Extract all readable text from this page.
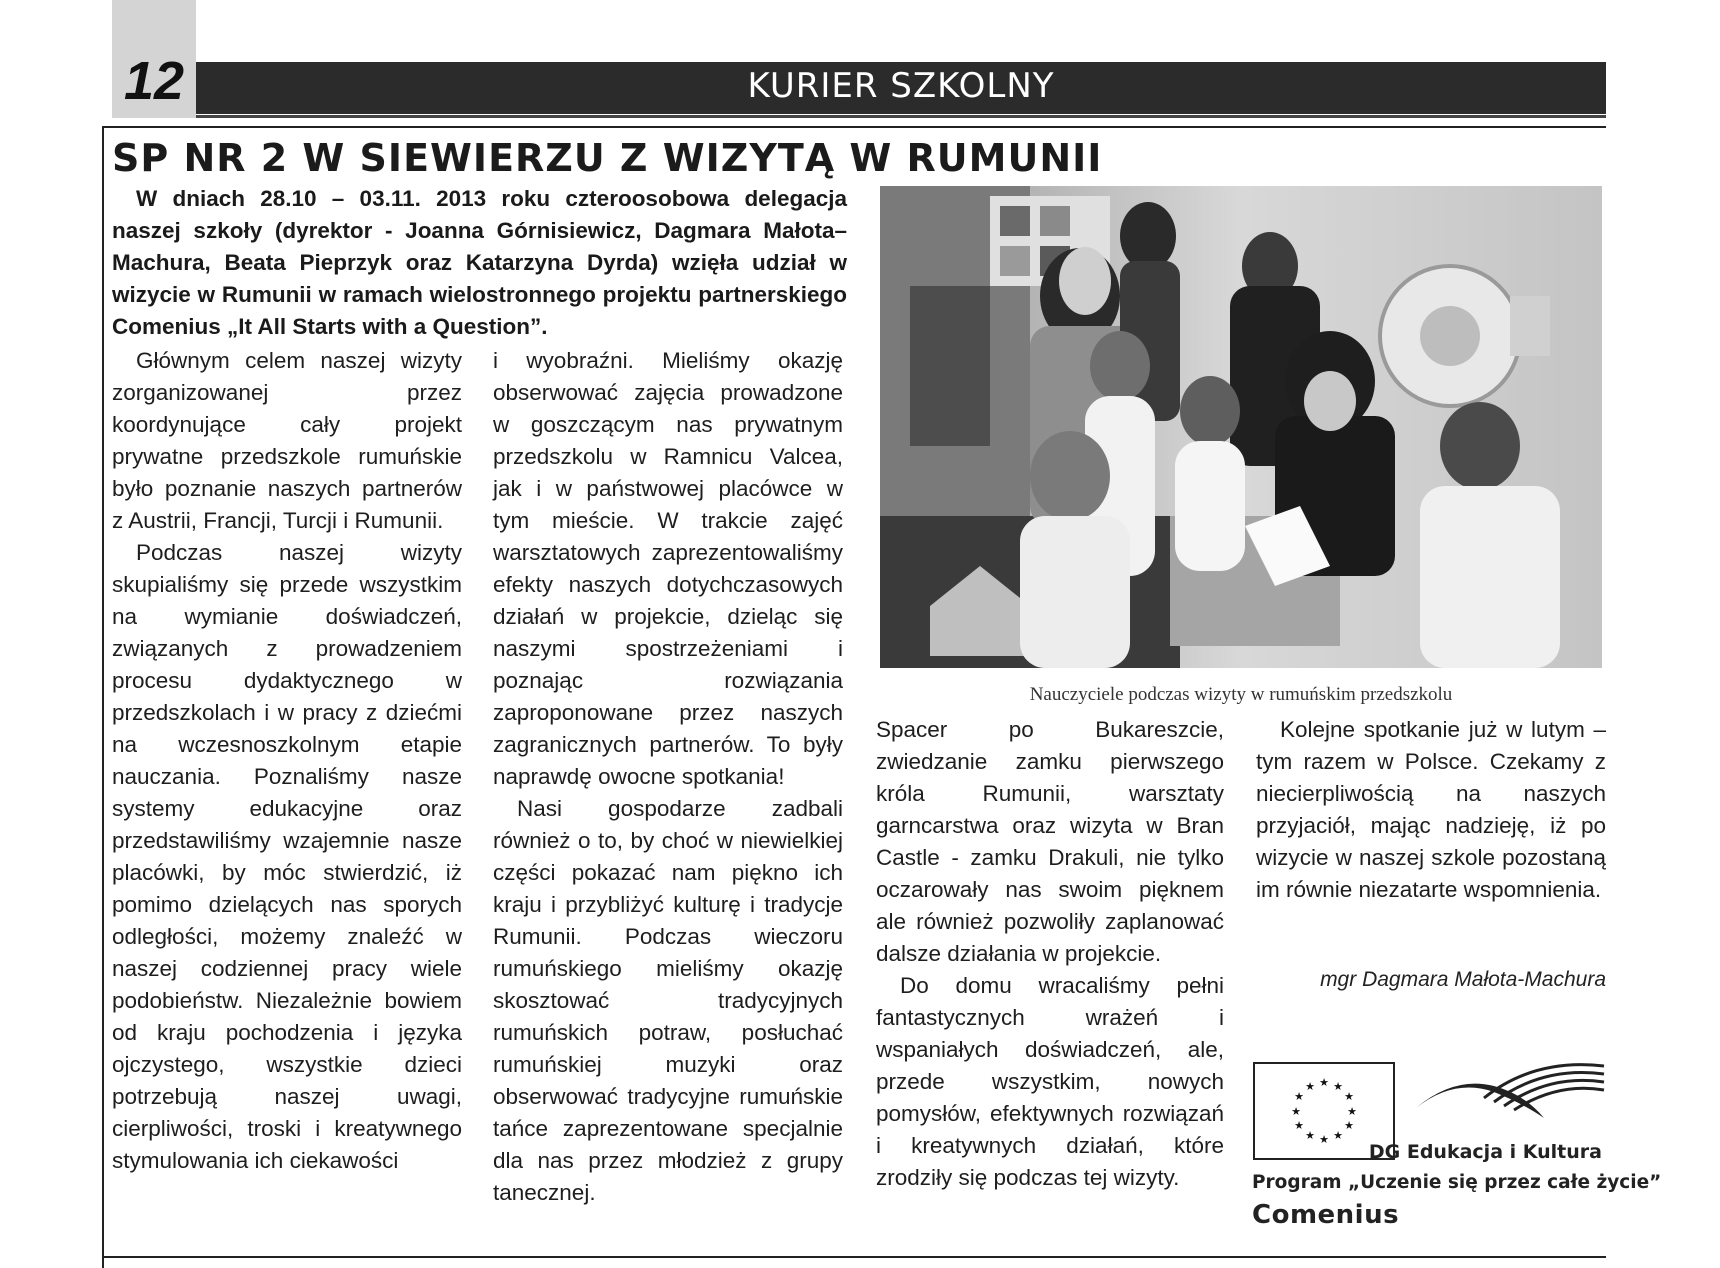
12	KURIER SZKOLNY
SP NR 2 W SIEWIERZU Z WIZYTĄ W RUMUNII
W dniach 28.10 – 03.11. 2013 roku czteroosobowa delegacja naszej szkoły (dyrektor - Joanna Górnisiewicz, Dagmara Małota–Machura, Beata Pieprzyk oraz Katarzyna Dyrda) wzięła udział w wizycie w Rumunii w ramach wielostronnego projektu partnerskiego Comenius „It All Starts with a Question”.

Głównym celem naszej wizyty zorganizowanej przez koordynujące cały projekt prywatne przedszkole rumuńskie było poznanie naszych partnerów z Austrii, Francji, Turcji i Rumunii.

Podczas naszej wizyty skupialiśmy się przede wszystkim na wymianie doświadczeń, związanych z prowadzeniem procesu dydaktycznego w przedszkolach i w pracy z dziećmi na wczesnoszkolnym etapie nauczania. Poznaliśmy nasze systemy edukacyjne oraz przedstawiliśmy wzajemnie nasze placówki, by móc stwierdzić, iż pomimo dzielących nas sporych odległości, możemy znaleźć w naszej codziennej pracy wiele podobieństw. Niezależnie bowiem od kraju pochodzenia i języka ojczystego, wszystkie dzieci potrzebują naszej uwagi, cierpliwości, troski i kreatywnego stymulowania ich ciekawości

i wyobraźni. Mieliśmy okazję obserwować zajęcia prowadzone w goszczącym nas prywatnym przedszkolu w Ramnicu Valcea, jak i w państwowej placówce w tym mieście. W trakcie zajęć warsztatowych zaprezentowaliśmy efekty naszych dotychczasowych działań w projekcie, dzieląc się naszymi spostrzeżeniami i poznając rozwiązania zaproponowane przez naszych zagranicznych partnerów. To były naprawdę owocne spotkania!

Nasi gospodarze zadbali również o to, by choć w niewielkiej części pokazać nam piękno ich kraju i przybliżyć kulturę i tradycje Rumunii. Podczas wieczoru rumuńskiego mieliśmy okazję skosztować tradycyjnych rumuńskich potraw, posłuchać rumuńskiej muzyki oraz obserwować tradycyjne rumuńskie tańce zaprezentowane specjalnie dla nas przez młodzież z grupy tanecznej.

Nauczyciele podczas wizyty w rumuńskim przedszkolu

Spacer po Bukareszcie, zwiedzanie zamku pierwszego króla Rumunii, warsztaty garncarstwa oraz wizyta w Bran Castle - zamku Drakuli, nie tylko oczarowały nas swoim pięknem ale również pozwoliły zaplanować dalsze działania w projekcie.

Do domu wracaliśmy pełni fantastycznych wrażeń i wspaniałych doświadczeń, ale, przede wszystkim, nowych pomysłów, efektywnych rozwiązań i kreatywnych działań, które zrodziły się podczas tej wizyty.

Kolejne spotkanie już w lutym – tym razem w Polsce. Czekamy z niecierpliwością na naszych przyjaciół, mając nadzieję, iż po wizycie w naszej szkole pozostaną im równie niezatarte wspomnienia.

mgr Dagmara Małota-Machura
★ ★
★
★
★
★
★
★
★
★
★
★
DG Edukacja i Kultura
Program „Uczenie się przez całe życie”
Comenius
